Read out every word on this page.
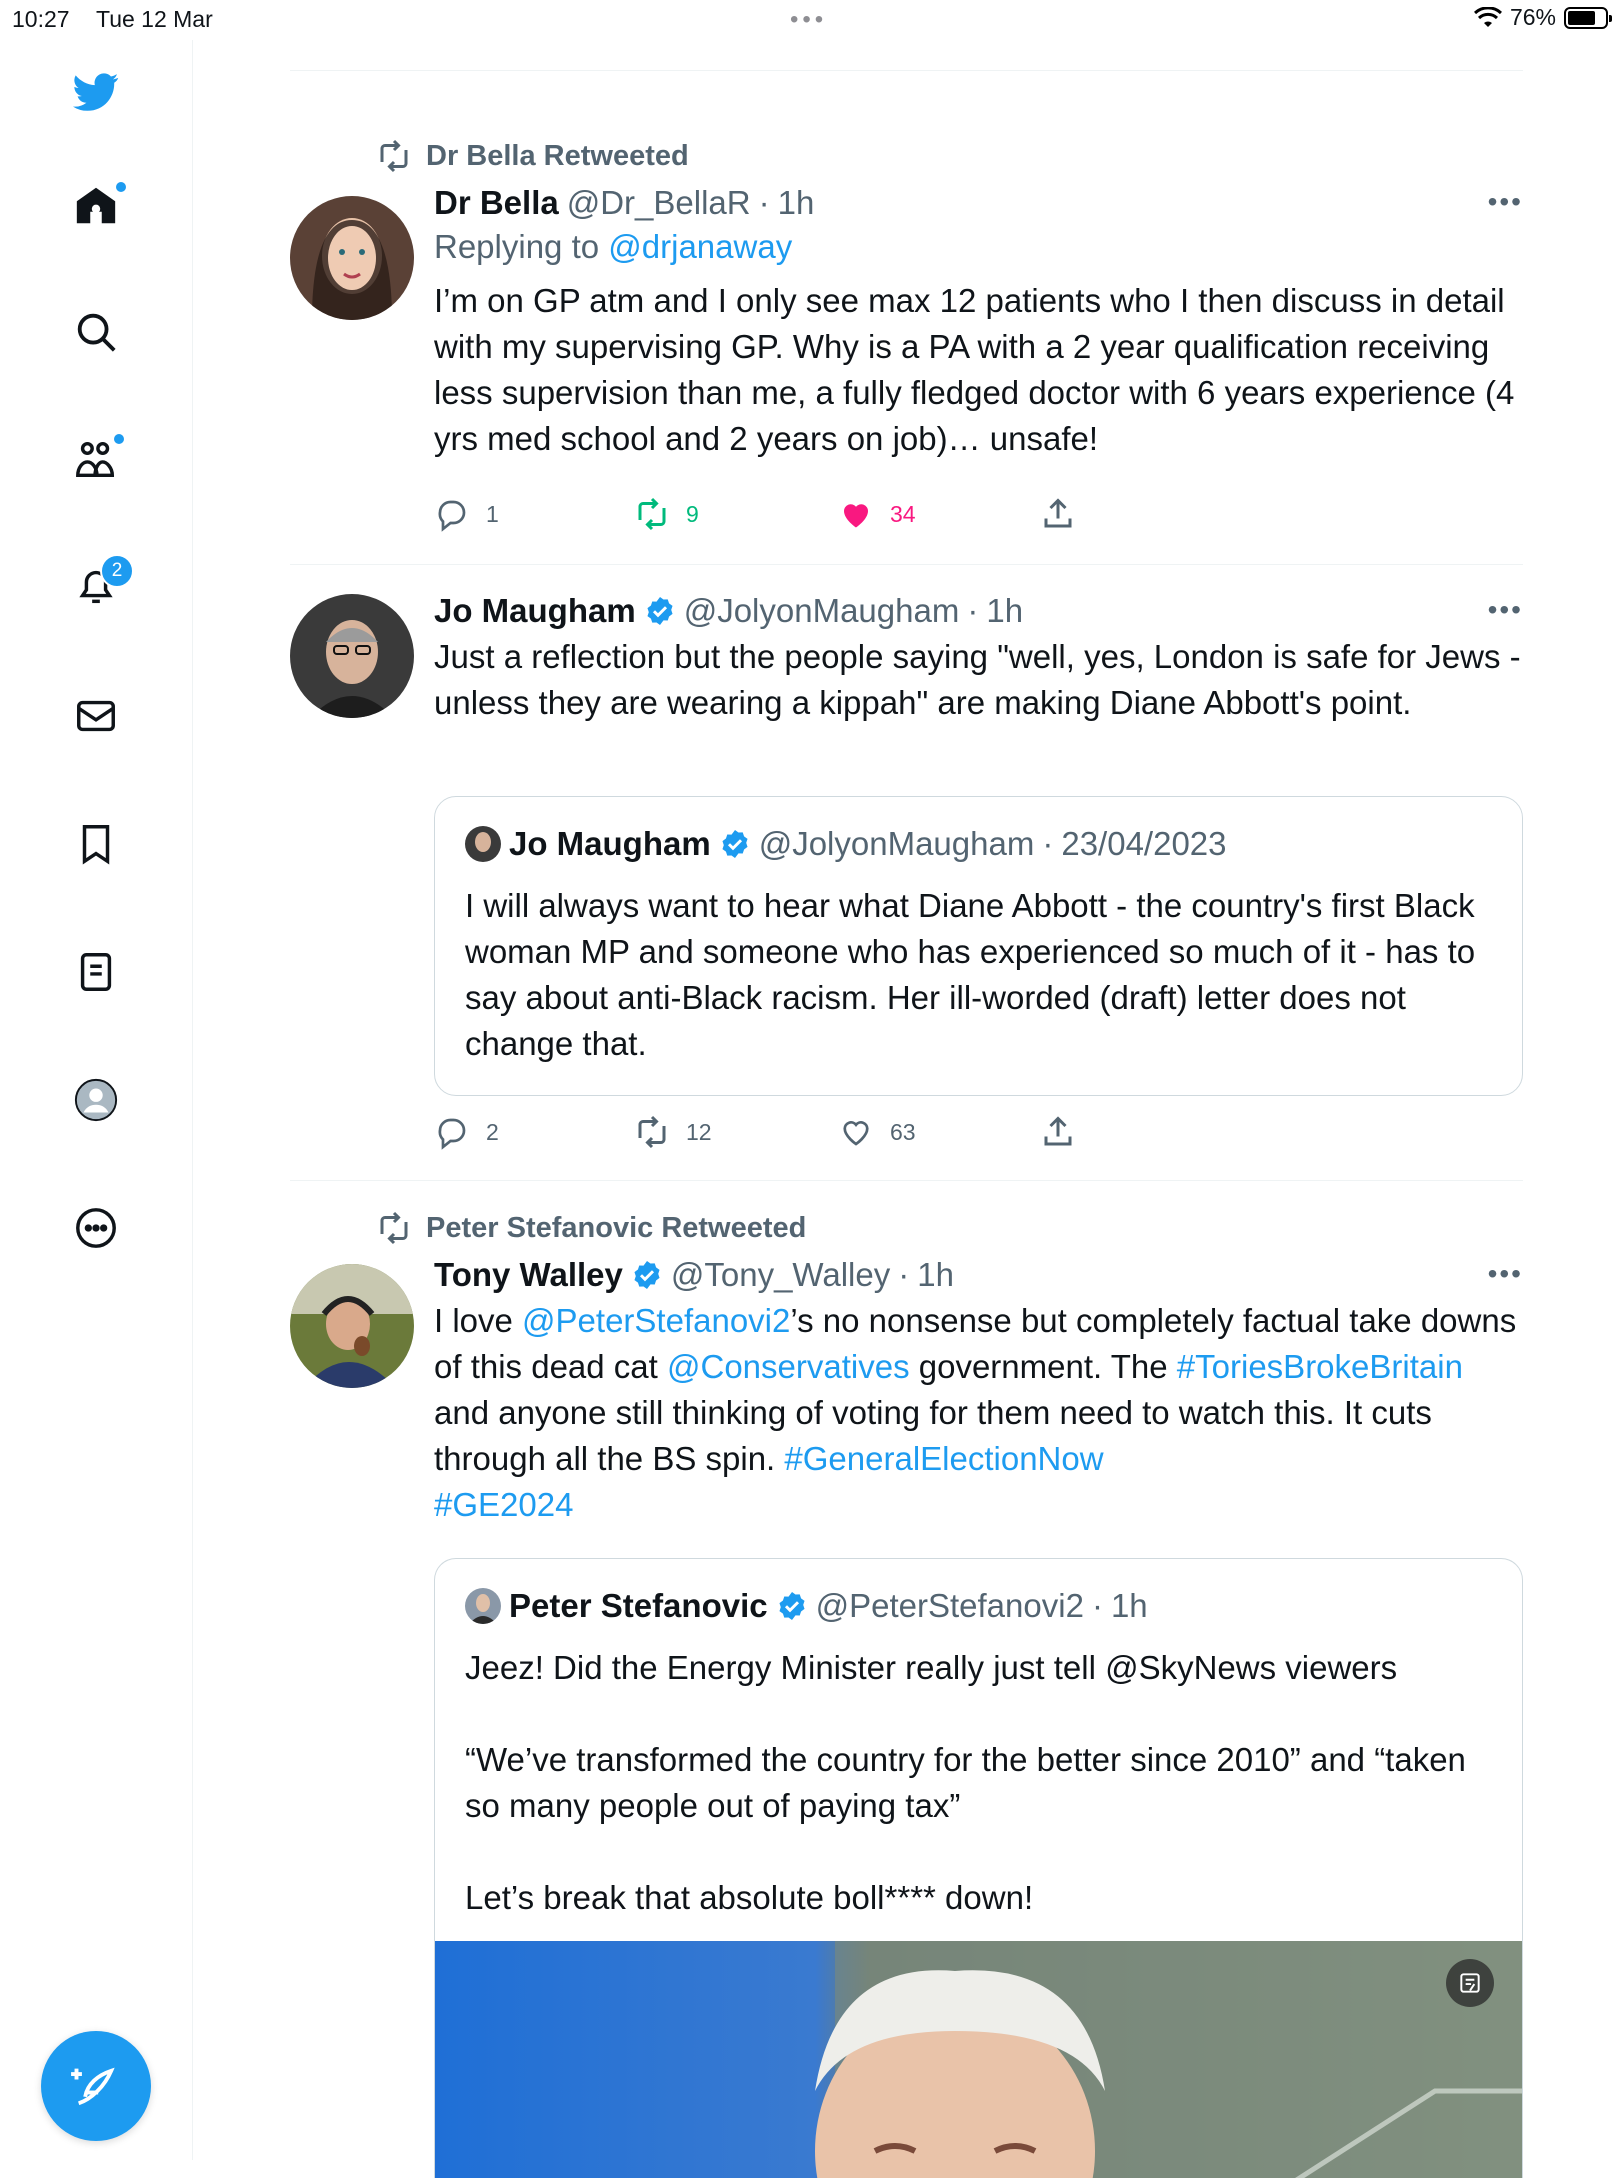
10:27 Tue 12 Mar	•••	76%
2
Dr Bella Retweeted
Dr Bella @Dr_BellaR · 1h	•••
Replying to @drjanaway
I’m on GP atm and I only see max 12 patients who I then discuss in detail with my supervising GP. Why is a PA with a 2 year qualification receiving less supervision than me, a fully fledged doctor with 6 years experience (4 yrs med school and 2 years on job)… unsafe!
1	9	34
Jo Maugham @JolyonMaugham · 1h	•••
Just a reflection but the people saying "well, yes, London is safe for Jews - unless they are wearing a kippah" are making Diane Abbott's point.
Jo Maugham @JolyonMaugham · 23/04/2023
I will always want to hear what Diane Abbott - the country's first Black woman MP and someone who has experienced so much of it - has to say about anti-Black racism. Her ill-worded (draft) letter does not change that.
2	12	63
Peter Stefanovic Retweeted
Tony Walley @Tony_Walley · 1h	•••
I love @PeterStefanovi2’s no nonsense but completely factual take downs of this dead cat @Conservatives government. The #ToriesBrokeBritain and anyone still thinking of voting for them need to watch this. It cuts through all the BS spin. #GeneralElectionNow
#GE2024
Peter Stefanovic @PeterStefanovi2 · 1h
Jeez! Did the Energy Minister really just tell @SkyNews viewers
“We’ve transformed the country for the better since 2010” and “taken so many people out of paying tax”
Let’s break that absolute boll**** down!
